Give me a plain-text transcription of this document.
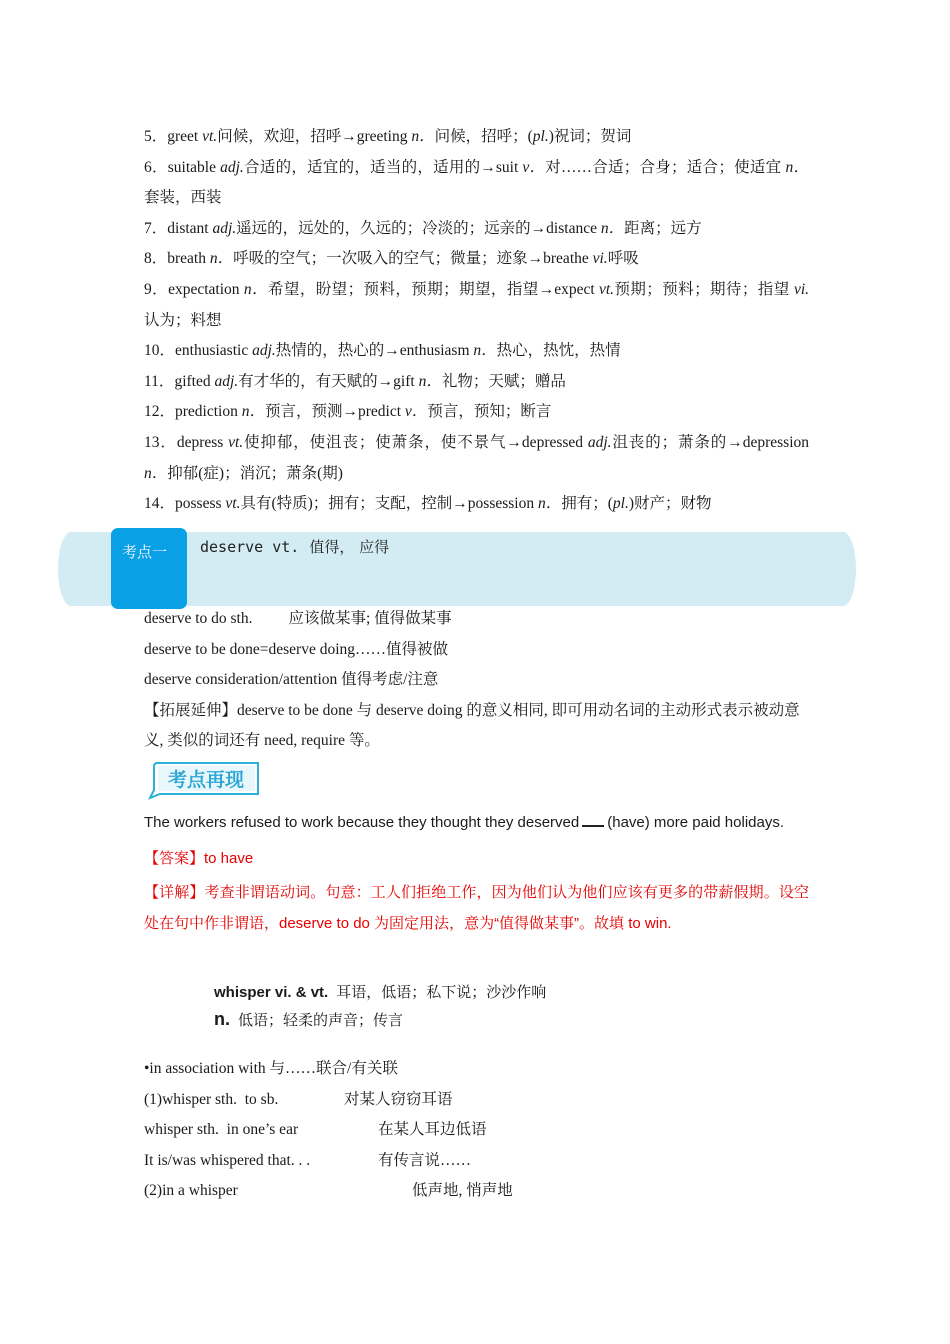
5．greet vt.问候，欢迎，招呼→greeting n．问候，招呼；(pl.)祝词；贺词

6．suitable adj.合适的，适宜的，适当的，适用的→suit v．对……合适；合身；适合；使适宜 n．套装，西装

7．distant adj.遥远的，远处的，久远的；冷淡的；远亲的→distance n．距离；远方

8．breath n．呼吸的空气；一次吸入的空气；微量；迹象→breathe vi.呼吸

9．expectation n．希望，盼望；预料，预期；期望，指望→expect vt.预期；预料；期待；指望 vi.认为；料想

10．enthusiastic adj.热情的，热心的→enthusiasm n．热心，热忱，热情

11．gifted adj.有才华的，有天赋的→gift n．礼物；天赋；赠品

12．prediction n．预言，预测→predict v．预言，预知；断言

13．depress vt.使抑郁，使沮丧；使萧条，使不景气→depressed adj.沮丧的；萧条的→depression n．抑郁(症)；消沉；萧条(期)

14．possess vt.具有(特质)；拥有；支配，控制→possession n．拥有；(pl.)财产；财物

考点一	deserve vt. 值得， 应得

deserve to do sth. 应该做某事; 值得做某事

deserve to be done=deserve doing……值得被做

deserve consideration/attention 值得考虑/注意

【拓展延伸】deserve to be done 与 deserve doing 的意义相同, 即可用动名词的主动形式表示被动意义, 类似的词还有 need, require 等。

考点再现

The workers refused to work because they thought they deserved (have) more paid holidays.

【答案】to have

【详解】考查非谓语动词。句意：工人们拒绝工作，因为他们认为他们应该有更多的带薪假期。设空处在句中作非谓语，deserve to do 为固定用法，意为“值得做某事”。故填 to win.

whisper vi. & vt. 耳语，低语；私下说；沙沙作响

n. 低语；轻柔的声音；传言

•in association with 与……联合/有关联

(1)whisper sth.  to sb.	对某人窃窃耳语

whisper sth.  in one’s ear	在某人耳边低语

It is/was whispered that. . .	有传言说……

(2)in a whisper	低声地, 悄声地
